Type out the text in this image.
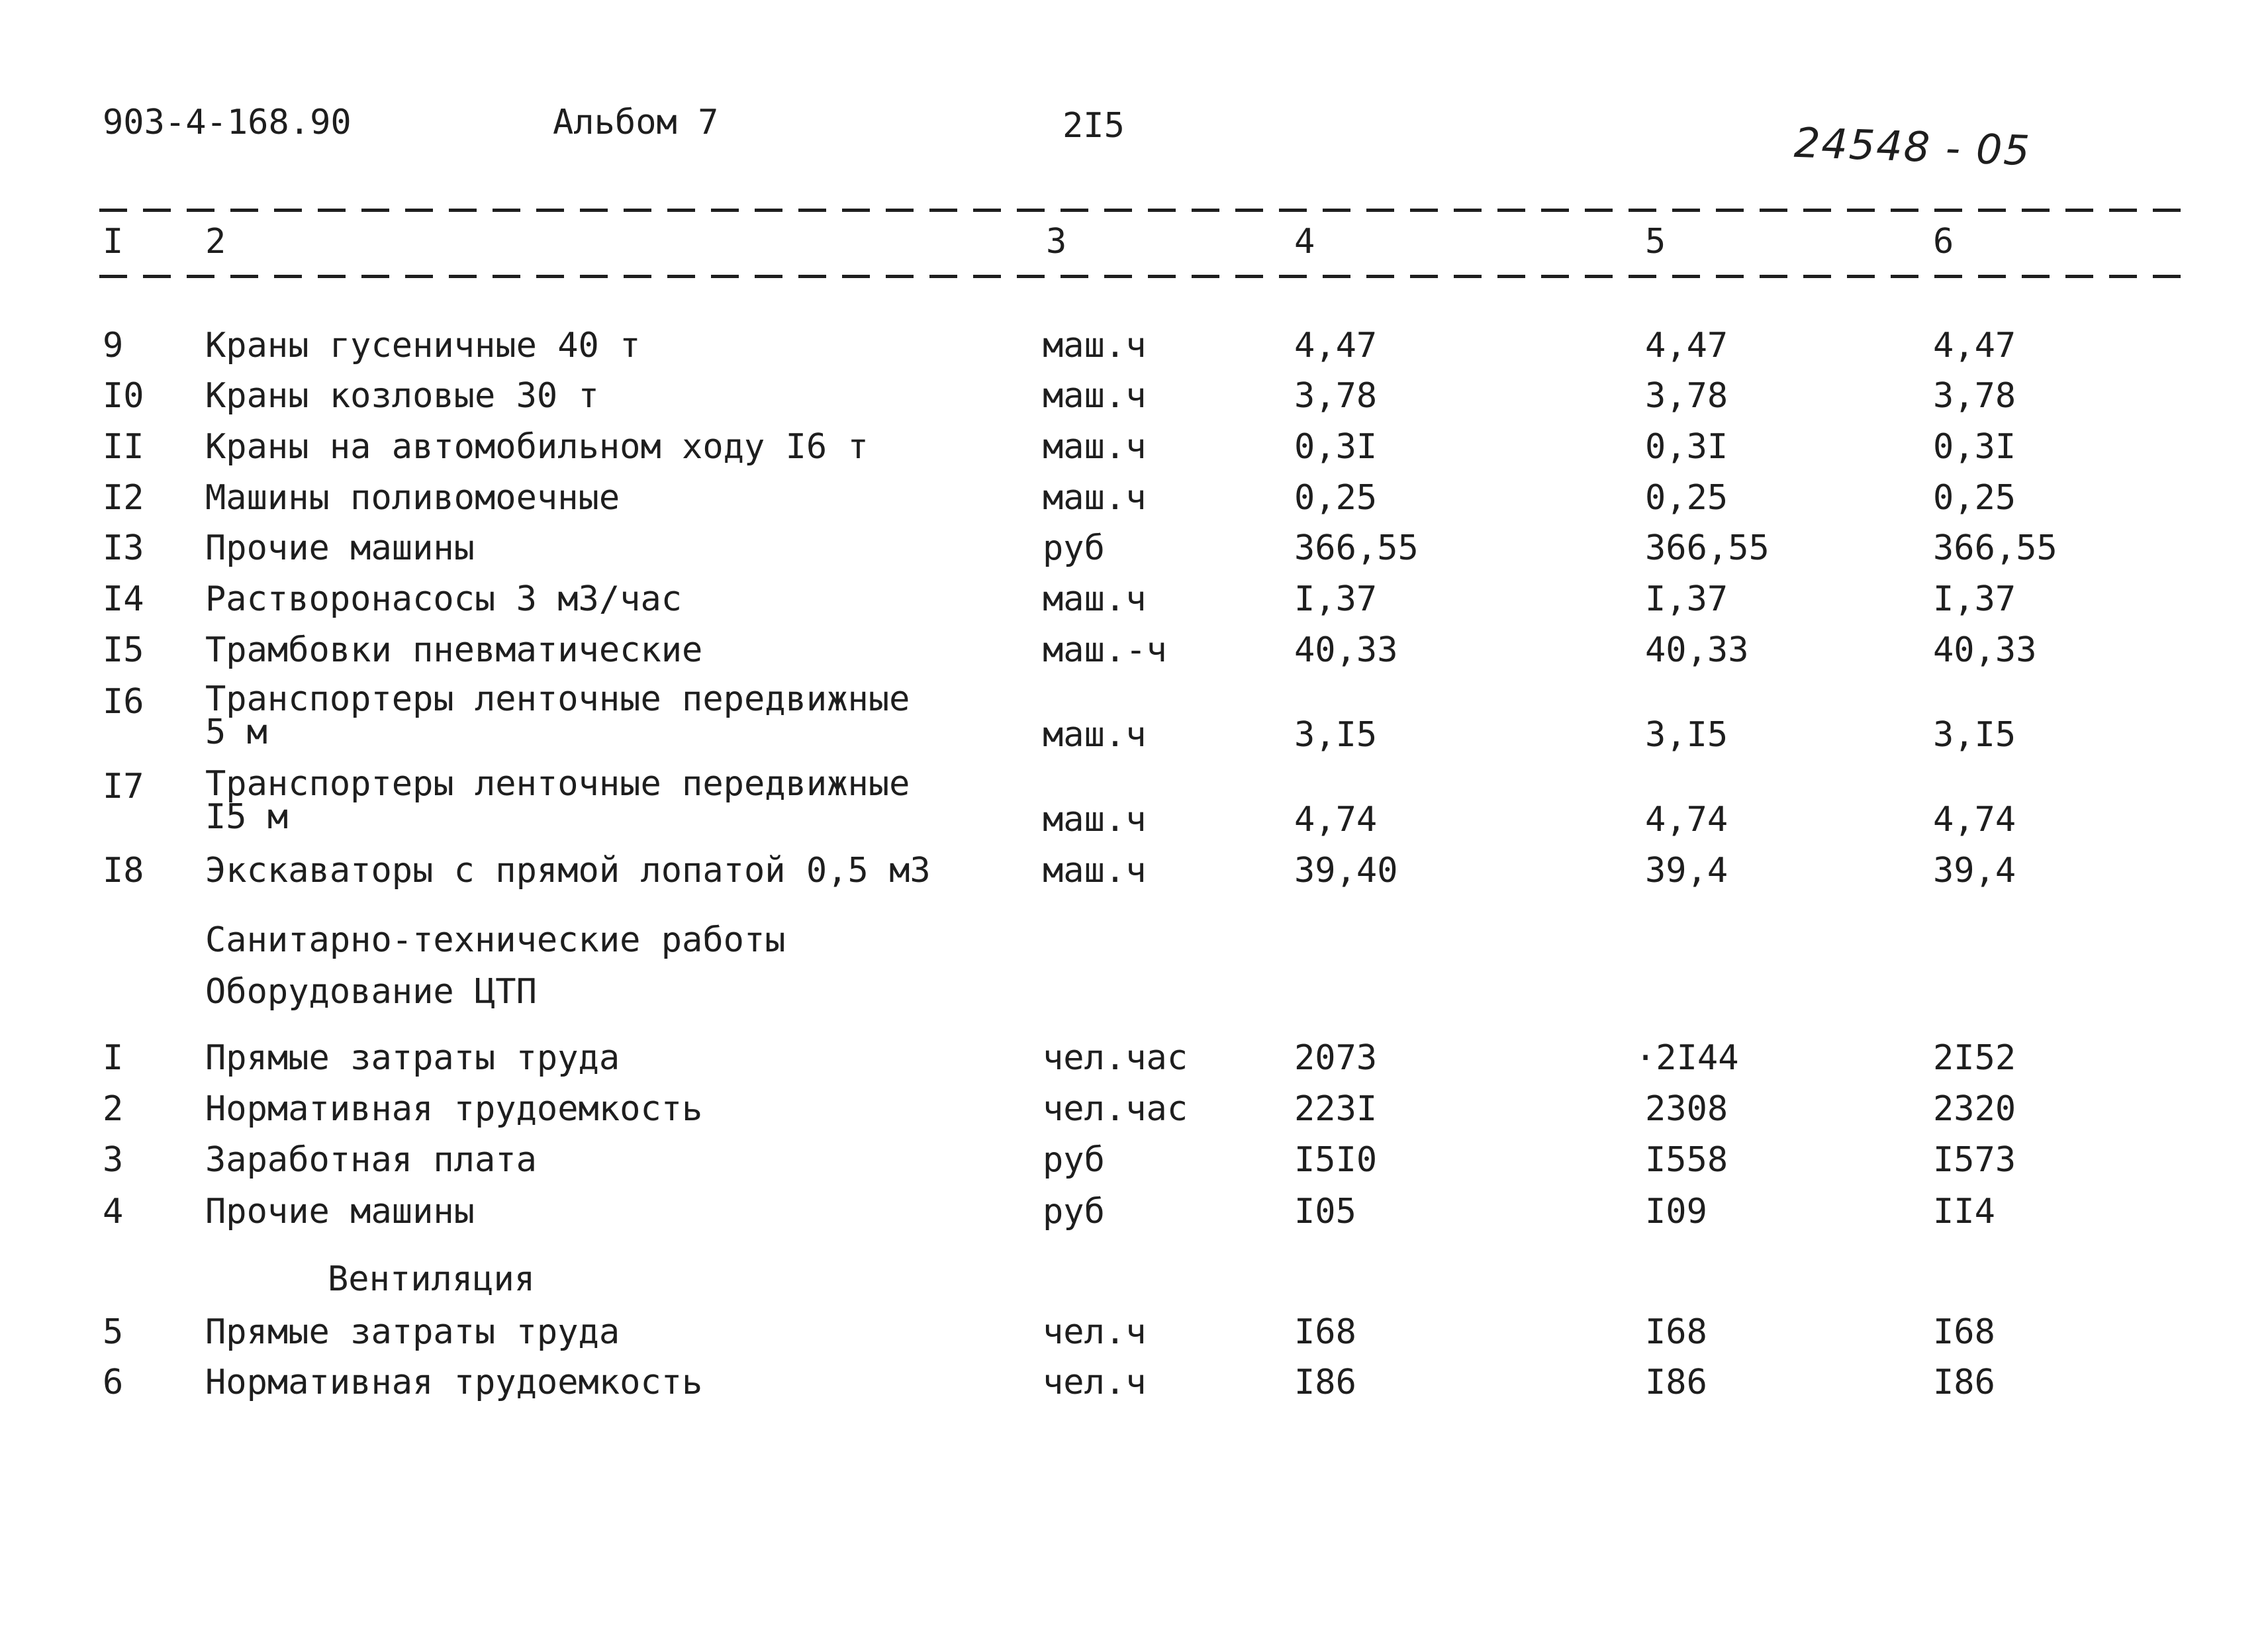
903-4-168.90	Альбом 7	2I5	24548 - 05
I 2	3	4	5	6
9 Краны гусеничные 40 т	маш.ч	4,47	4,47	4,47
I0 Краны козловые 30 т	маш.ч	3,78	3,78	3,78
II Краны на автомобильном ходу I6 т	маш.ч	0,3I	0,3I	0,3I
I2 Машины поливомоечные	маш.ч	0,25	0,25	0,25
I3 Прочие машины	руб	366,55	366,55	366,55
I4 Растворонасосы 3 м3/час	маш.ч	I,37	I,37	I,37
I5 Трамбовки пневматические	маш.-ч	40,33	40,33	40,33
I6 Транспортеры ленточные передвижные
5 м	маш.ч	3,I5	3,I5	3,I5
I7 Транспортеры ленточные передвижные
I5 м	маш.ч	4,74	4,74	4,74
I8 Экскаваторы с прямой лопатой 0,5 м3	маш.ч	39,40	39,4	39,4
Санитарно-технические работы
Оборудование ЦТП
I Прямые затраты труда	чел.час	2073	·2I44	2I52
2 Нормативная трудоемкость	чел.час	223I	2308	2320
3 Заработная плата	руб	I5I0	I558	I573
4 Прочие машины	руб	I05	I09	II4
Вентиляция
5 Прямые затраты труда	чел.ч	I68	I68	I68
6 Нормативная трудоемкость	чел.ч	I86	I86	I86
